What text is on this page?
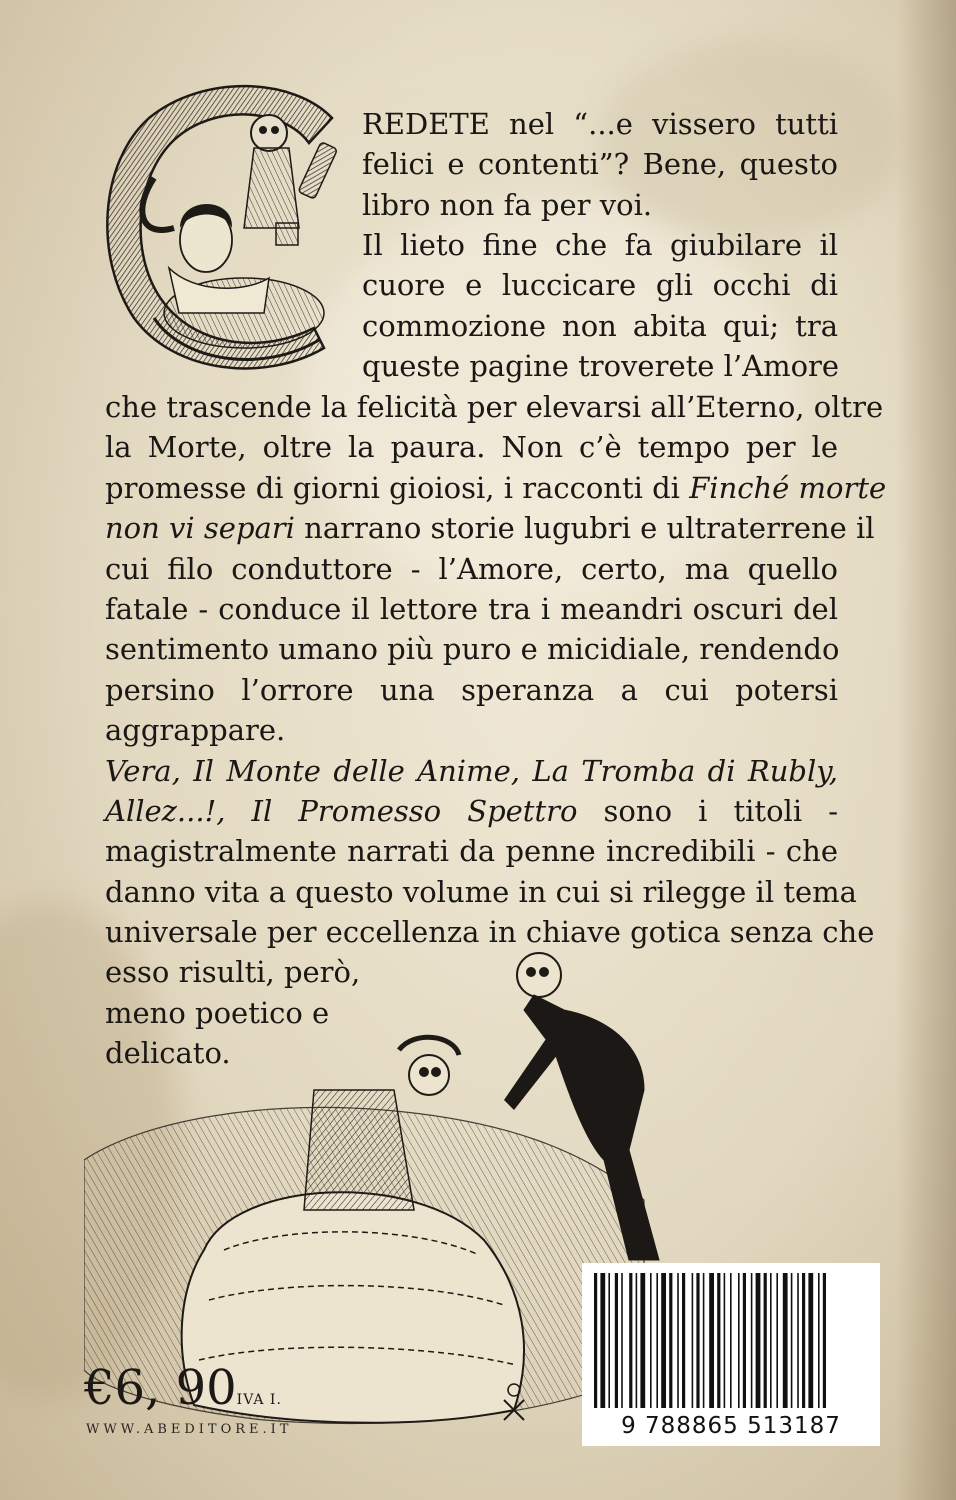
REDETE nel “...e vissero tutti
felici e contenti”? Bene, questo
libro non fa per voi.
Il lieto fine che fa giubilare il
cuore e luccicare gli occhi di
commozione non abita qui; tra
queste pagine troverete l’Amore
che trascende la felicità per elevarsi all’Eterno, oltre
la Morte, oltre la paura. Non c’è tempo per le
promesse di giorni gioiosi, i racconti di Finché morte
non vi separi narrano storie lugubri e ultraterrene il
cui filo conduttore - l’Amore, certo, ma quello
fatale - conduce il lettore tra i meandri oscuri del
sentimento umano più puro e micidiale, rendendo
persino l’orrore una speranza a cui potersi
aggrappare.
Vera, Il Monte delle Anime, La Tromba di Rubly,
Allez...!, Il Promesso Spettro sono i titoli -
magistralmente narrati da penne incredibili - che
danno vita a questo volume in cui si rilegge il tema
universale per eccellenza in chiave gotica senza che
esso risulti, però,
meno poetico e
delicato.
€6, 90IVA I.
WWW.ABEDITORE.IT	9 788865 513187
